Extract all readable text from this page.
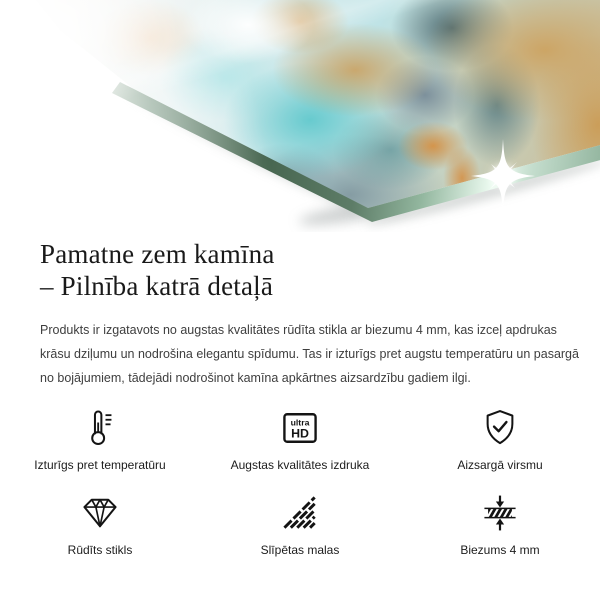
Pamatne zem kamīna
– Pilnība katrā detaļā
Produkts ir izgatavots no augstas kvalitātes rūdīta stikla ar biezumu 4 mm, kas izceļ apdrukas
krāsu dziļumu un nodrošina elegantu spīdumu. Tas ir izturīgs pret augstu temperatūru un pasargā
no bojājumiem, tādejādi nodrošinot kamīna apkārtnes aizsardzību gadiem ilgi.
Izturīgs pret temperatūru
ultra
HD
Augstas kvalitātes izdruka	Aizsargā virsmu
Rūdīts stikls	Slīpētas malas	Biezums 4 mm
